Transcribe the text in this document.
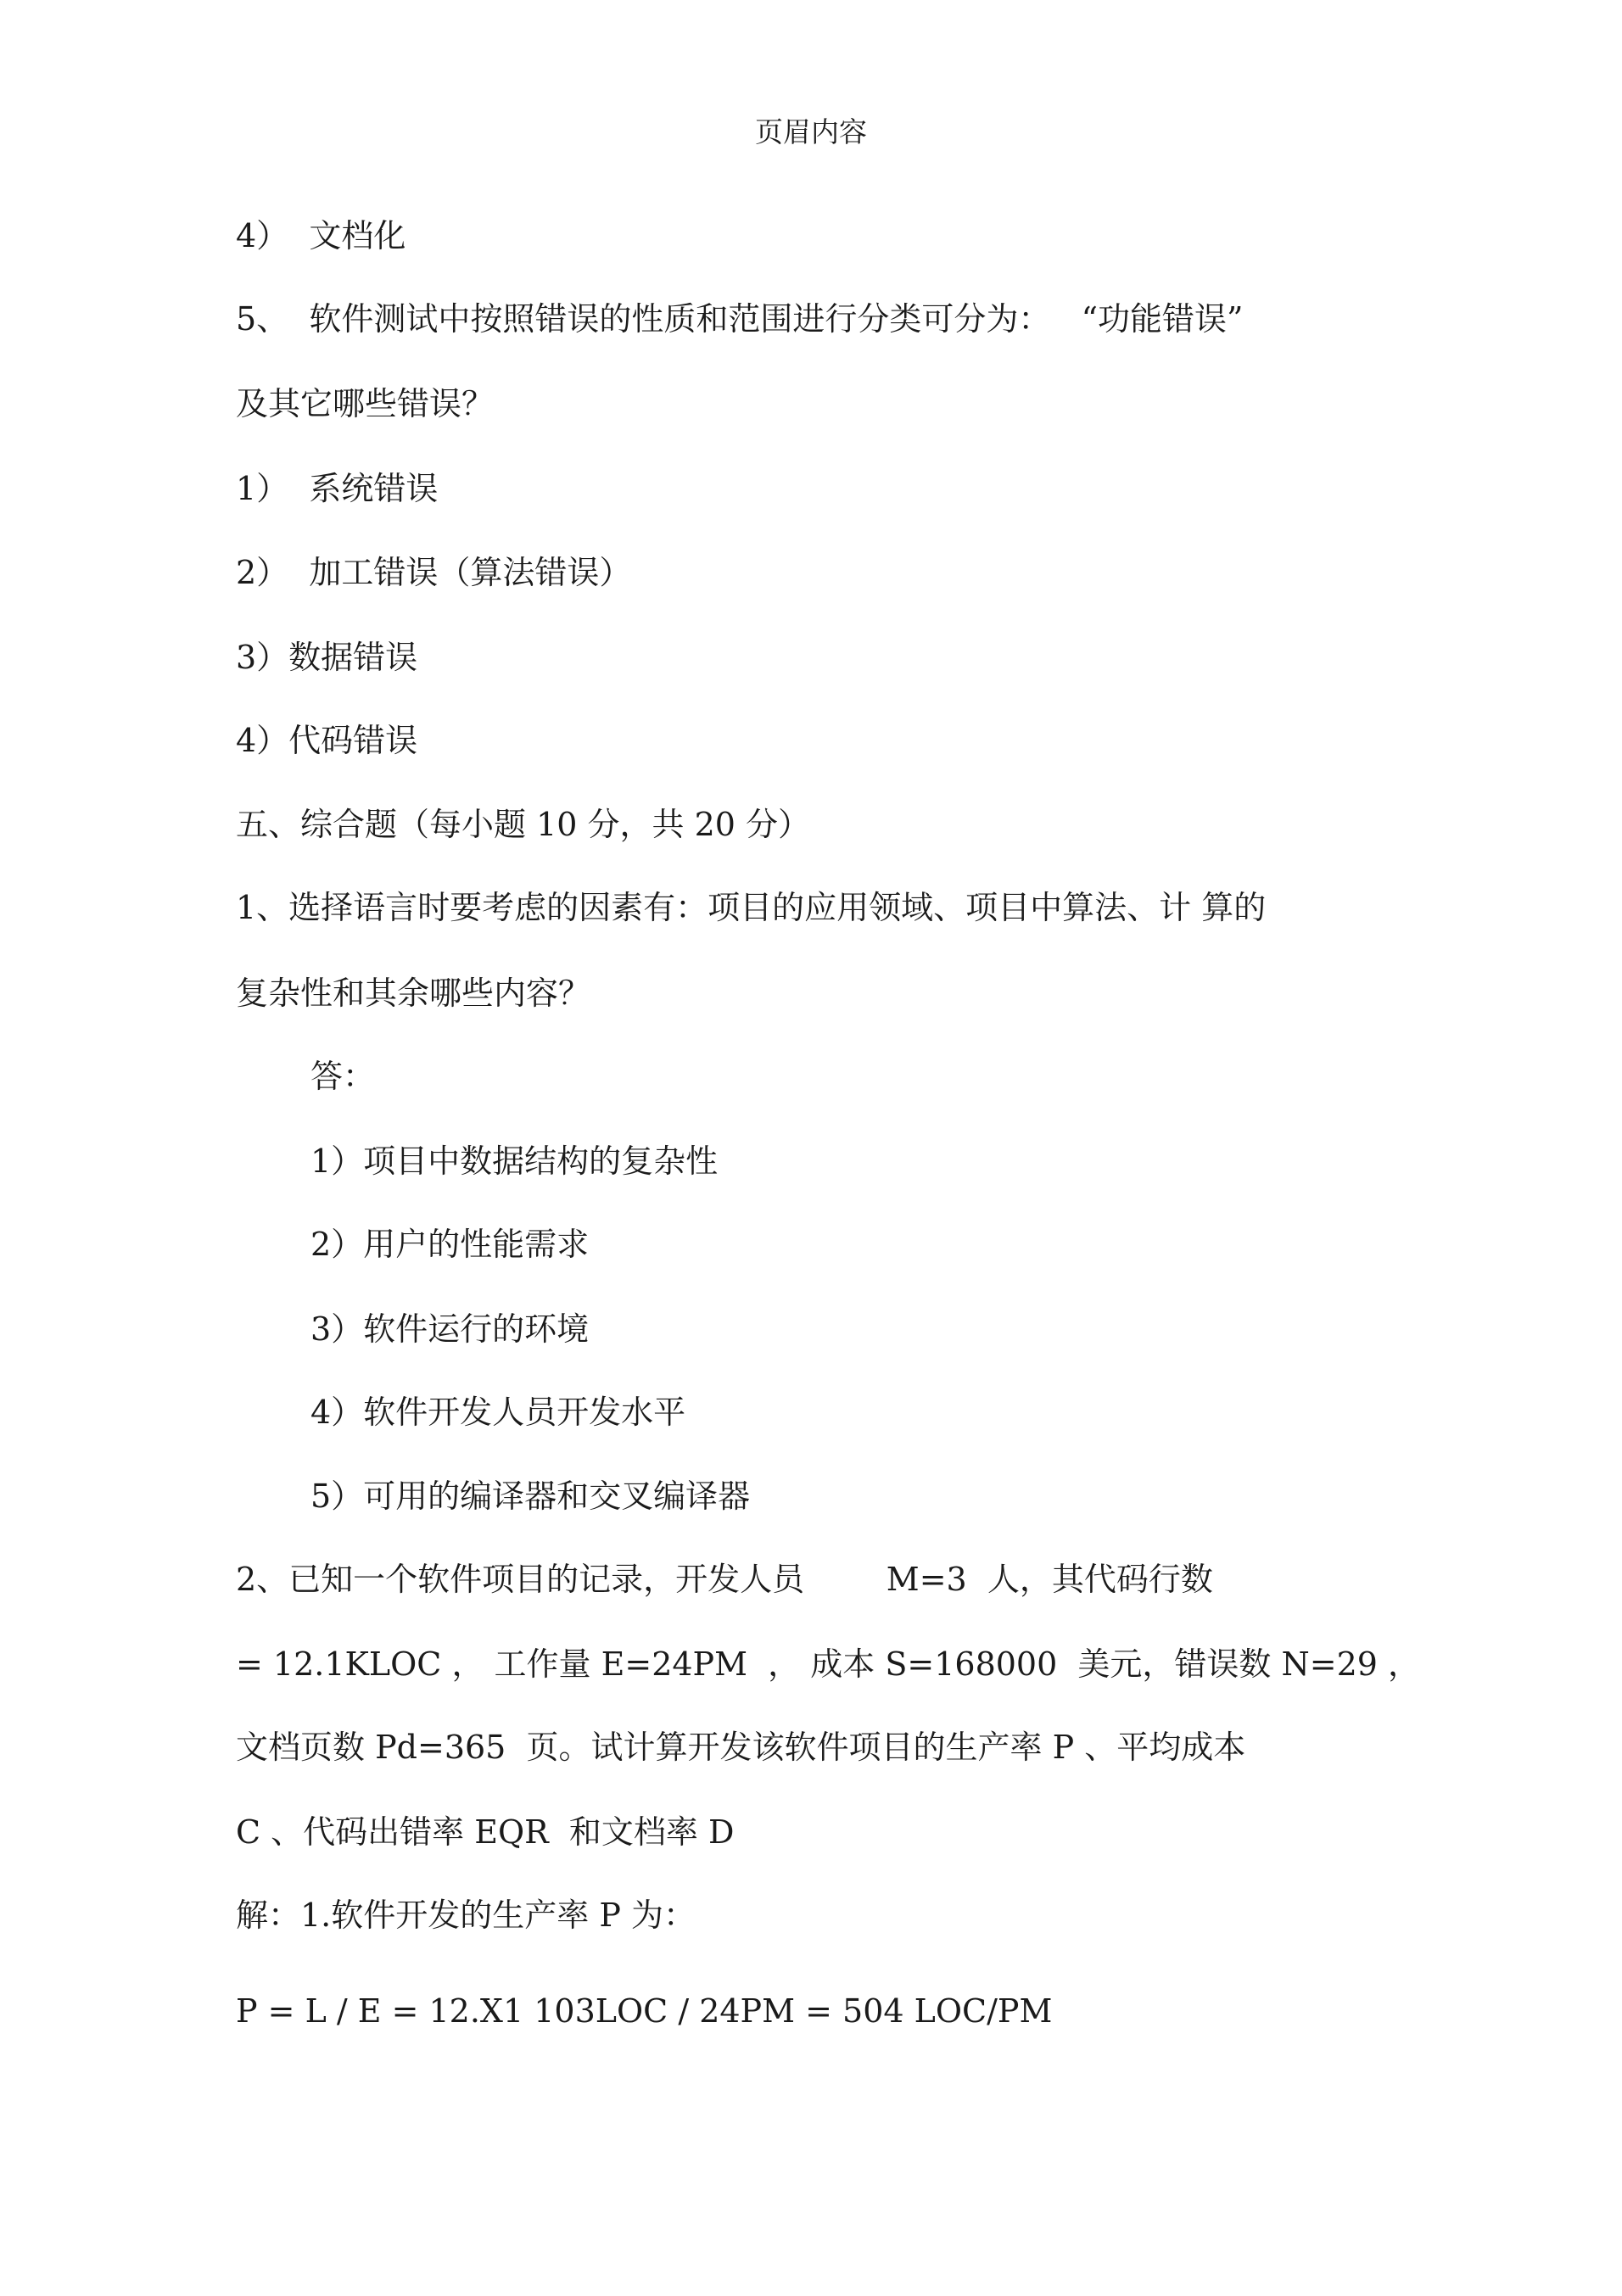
页眉内容
4）  文档化
5、  软件测试中按照错误的性质和范围进行分类可分为：   “功能错误”
及其它哪些错误？
1）  系统错误
2）  加工错误（算法错误）
3）数据错误
4）代码错误
五、综合题（每小题 10 分，共 20 分）
1、选择语言时要考虑的因素有：项目的应用领域、项目中算法、计 算的
复杂性和其余哪些内容？
答：
1）项目中数据结构的复杂性
2）用户的性能需求
3）软件运行的环境
4）软件开发人员开发水平
5）可用的编译器和交叉编译器
2、已知一个软件项目的记录，开发人员        M=3  人，其代码行数
= 12.1KLOC ， 工作量 E=24PM  ， 成本 S=168000  美元，错误数 N=29 ，
文档页数 Pd=365  页。试计算开发该软件项目的生产率 P 、平均成本
C 、代码出错率 EQR  和文档率 D
解：1.软件开发的生产率 P 为：
P = L / E = 12.X1 103LOC / 24PM = 504 LOC/PM
